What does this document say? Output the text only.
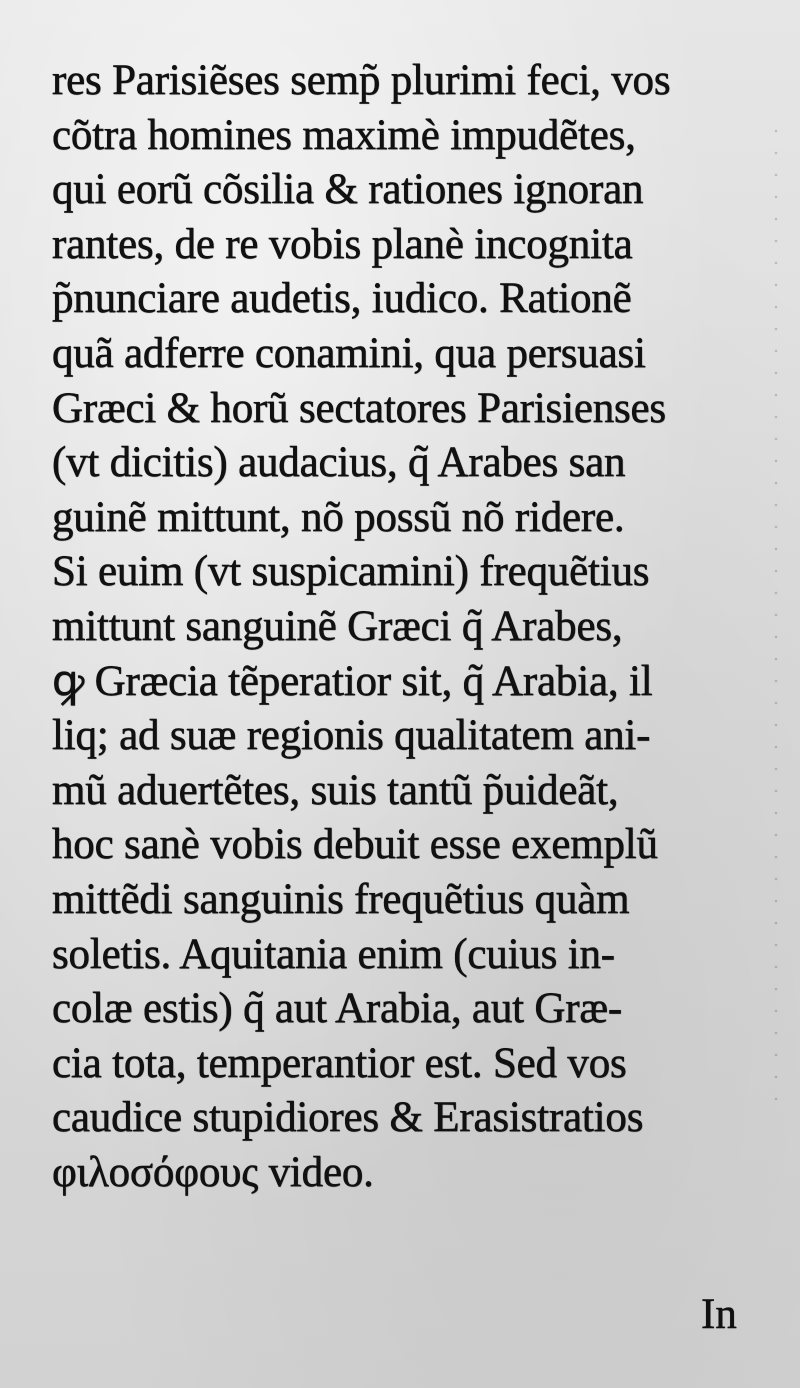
res Parisiẽses semp̃ plurimi feci, vos
cõtra homines maximè impudẽtes,
qui eorũ cõsilia & rationes ignoran
rantes, de re vobis planè incognita
p̃nunciare audetis, iudico. Rationẽ
quã adferre conamini, qua persuasi
Græci & horũ sectatores Parisienses
(vt dicitis) audacius, q̃ Arabes san
guinẽ mittunt, nõ possũ nõ ridere.
Si euim (vt suspicamini) frequẽtius
mittunt sanguinẽ Græci q̃ Arabes,
ꝙ Græcia tẽperatior sit, q̃ Arabia, il
liq; ad suæ regionis qualitatem ani-
mũ aduertẽtes, suis tantũ p̃uideãt,
hoc sanè vobis debuit esse exemplũ
mittẽdi sanguinis frequẽtius quàm
soletis. Aquitania enim (cuius in-
colæ estis) q̃ aut Arabia, aut Græ-
cia tota, temperantior est. Sed vos
caudice stupidiores & Erasistratios
φιλοσόφους video.
In
